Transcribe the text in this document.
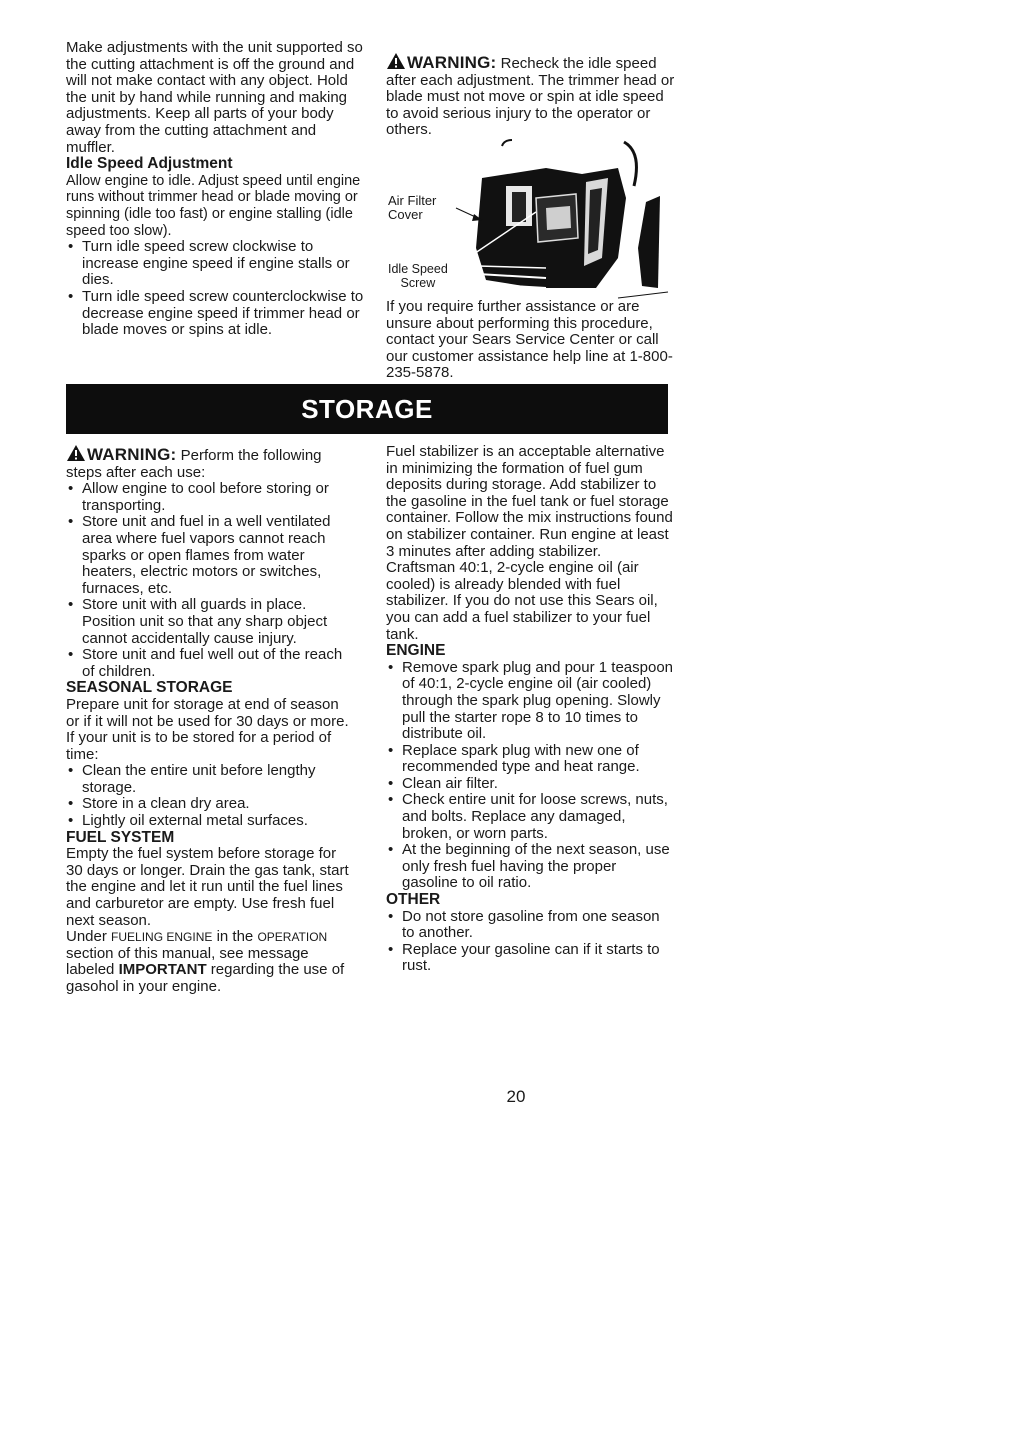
Make adjustments with the unit supported so the cutting attachment is off the ground and will not make contact with any object. Hold the unit by hand while running and making adjustments. Keep all parts of your body away from the cutting attachment and muffler.

Idle Speed Adjustment

Allow engine to idle. Adjust speed until engine runs without trimmer head or blade moving or spinning (idle too fast) or engine stalling (idle speed too slow).

• Turn idle speed screw clockwise to increase engine speed if engine stalls or dies.
• Turn idle speed screw counterclockwise to decrease engine speed if trimmer head or blade moves or spins at idle.

WARNING: Recheck the idle speed after each adjustment. The trimmer head or blade must not move or spin at idle speed to avoid serious injury to the operator or others.

Air Filter
Cover
Idle Speed
Screw

If you require further assistance or are unsure about performing this procedure, contact your Sears Service Center or call our customer assistance help line at 1-800-235-5878.

STORAGE

WARNING: Perform the following steps after each use:

• Allow engine to cool before storing or transporting.
• Store unit and fuel in a well ventilated area where fuel vapors cannot reach sparks or open flames from water heaters, electric motors or switches, furnaces, etc.
• Store unit with all guards in place. Position unit so that any sharp object cannot accidentally cause injury.
• Store unit and fuel well out of the reach of children.

SEASONAL STORAGE

Prepare unit for storage at end of season or if it will not be used for 30 days or more.

If your unit is to be stored for a period of time:

• Clean the entire unit before lengthy storage.
• Store in a clean dry area.
• Lightly oil external metal surfaces.

FUEL SYSTEM

Empty the fuel system before storage for 30 days or longer. Drain the gas tank, start the engine and let it run until the fuel lines and carburetor are empty. Use fresh fuel next season.

Under FUELING ENGINE in the OPERATION section of this manual, see message labeled IMPORTANT regarding the use of gasohol in your engine.

Fuel stabilizer is an acceptable alternative in minimizing the formation of fuel gum deposits during storage. Add stabilizer to the gasoline in the fuel tank or fuel storage container. Follow the mix instructions found on stabilizer container. Run engine at least 3 minutes after adding stabilizer.

Craftsman 40:1, 2-cycle engine oil (air cooled) is already blended with fuel stabilizer. If you do not use this Sears oil, you can add a fuel stabilizer to your fuel tank.

ENGINE

• Remove spark plug and pour 1 teaspoon of 40:1, 2-cycle engine oil (air cooled) through the spark plug opening. Slowly pull the starter rope 8 to 10 times to distribute oil.
• Replace spark plug with new one of recommended type and heat range.
• Clean air filter.
• Check entire unit for loose screws, nuts, and bolts. Replace any damaged, broken, or worn parts.
• At the beginning of the next season, use only fresh fuel having the proper gasoline to oil ratio.

OTHER

• Do not store gasoline from one season to another.
• Replace your gasoline can if it starts to rust.
20
